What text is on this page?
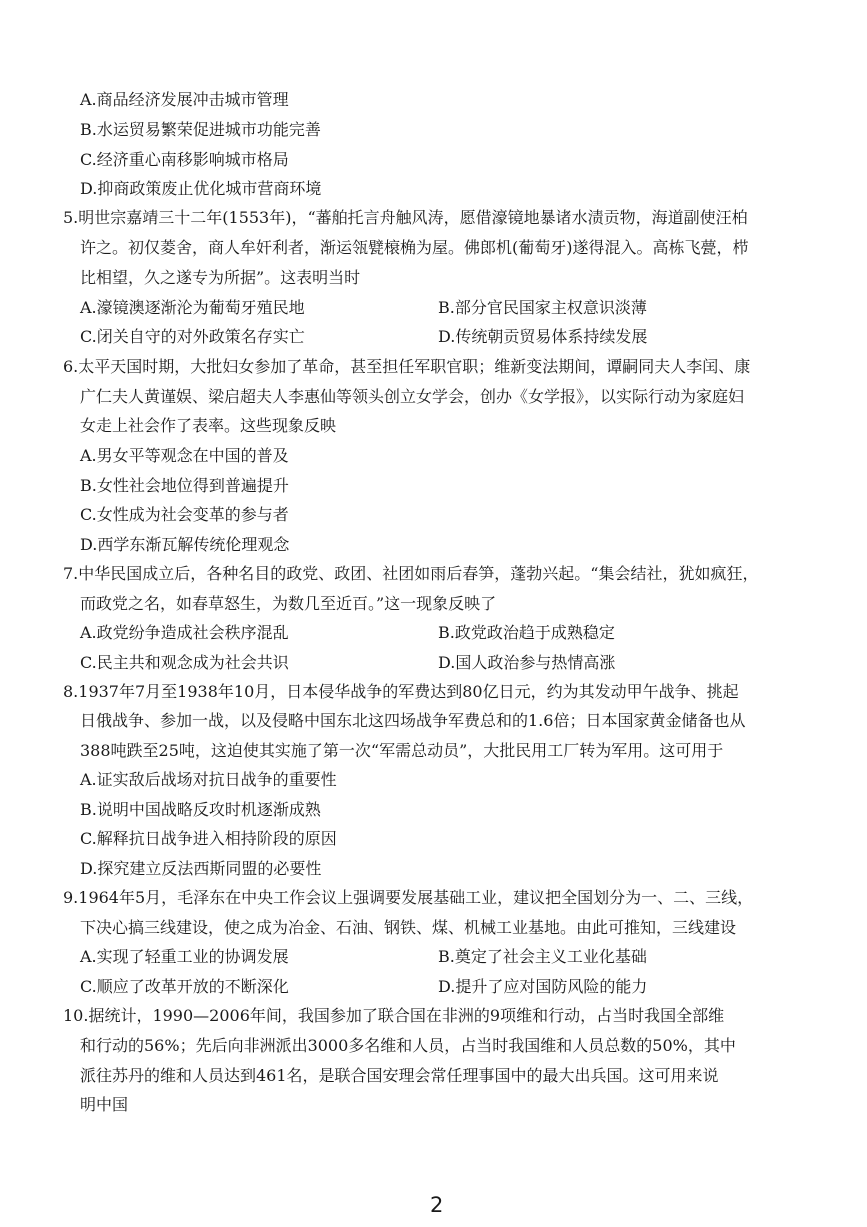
A.商品经济发展冲击城市管理
B.水运贸易繁荣促进城市功能完善
C.经济重心南移影响城市格局
D.抑商政策废止优化城市营商环境
5.明世宗嘉靖三十二年(1553年)，“蕃舶托言舟触风涛，愿借濠镜地暴诸水渍贡物，海道副使汪柏
许之。初仅菱舍，商人牟奸利者，渐运瓴甓榱桷为屋。佛郎机(葡萄牙)遂得混入。高栋飞甍，栉
比相望，久之遂专为所据”。这表明当时
A.濠镜澳逐渐沦为葡萄牙殖民地	B.部分官民国家主权意识淡薄
C.闭关自守的对外政策名存实亡	D.传统朝贡贸易体系持续发展
6.太平天国时期，大批妇女参加了革命，甚至担任军职官职；维新变法期间，谭嗣同夫人李闰、康
广仁夫人黄谨娱、梁启超夫人李惠仙等领头创立女学会，创办《女学报》，以实际行动为家庭妇
女走上社会作了表率。这些现象反映
A.男女平等观念在中国的普及
B.女性社会地位得到普遍提升
C.女性成为社会变革的参与者
D.西学东渐瓦解传统伦理观念
7.中华民国成立后，各种名目的政党、政团、社团如雨后春笋，蓬勃兴起。“集会结社，犹如疯狂，
而政党之名，如春草怒生，为数几至近百。”这一现象反映了
A.政党纷争造成社会秩序混乱	B.政党政治趋于成熟稳定
C.民主共和观念成为社会共识	D.国人政治参与热情高涨
8.1937年7月至1938年10月，日本侵华战争的军费达到80亿日元，约为其发动甲午战争、挑起
日俄战争、参加一战，以及侵略中国东北这四场战争军费总和的1.6倍；日本国家黄金储备也从
388吨跌至25吨，这迫使其实施了第一次“军需总动员”，大批民用工厂转为军用。这可用于
A.证实敌后战场对抗日战争的重要性
B.说明中国战略反攻时机逐渐成熟
C.解释抗日战争进入相持阶段的原因
D.探究建立反法西斯同盟的必要性
9.1964年5月，毛泽东在中央工作会议上强调要发展基础工业，建议把全国划分为一、二、三线，
下决心搞三线建设，使之成为冶金、石油、钢铁、煤、机械工业基地。由此可推知，三线建设
A.实现了轻重工业的协调发展	B.奠定了社会主义工业化基础
C.顺应了改革开放的不断深化	D.提升了应对国防风险的能力
10.据统计，1990—2006年间，我国参加了联合国在非洲的9项维和行动，占当时我国全部维
和行动的56%；先后向非洲派出3000多名维和人员，占当时我国维和人员总数的50%，其中
派往苏丹的维和人员达到461名，是联合国安理会常任理事国中的最大出兵国。这可用来说
明中国
2
